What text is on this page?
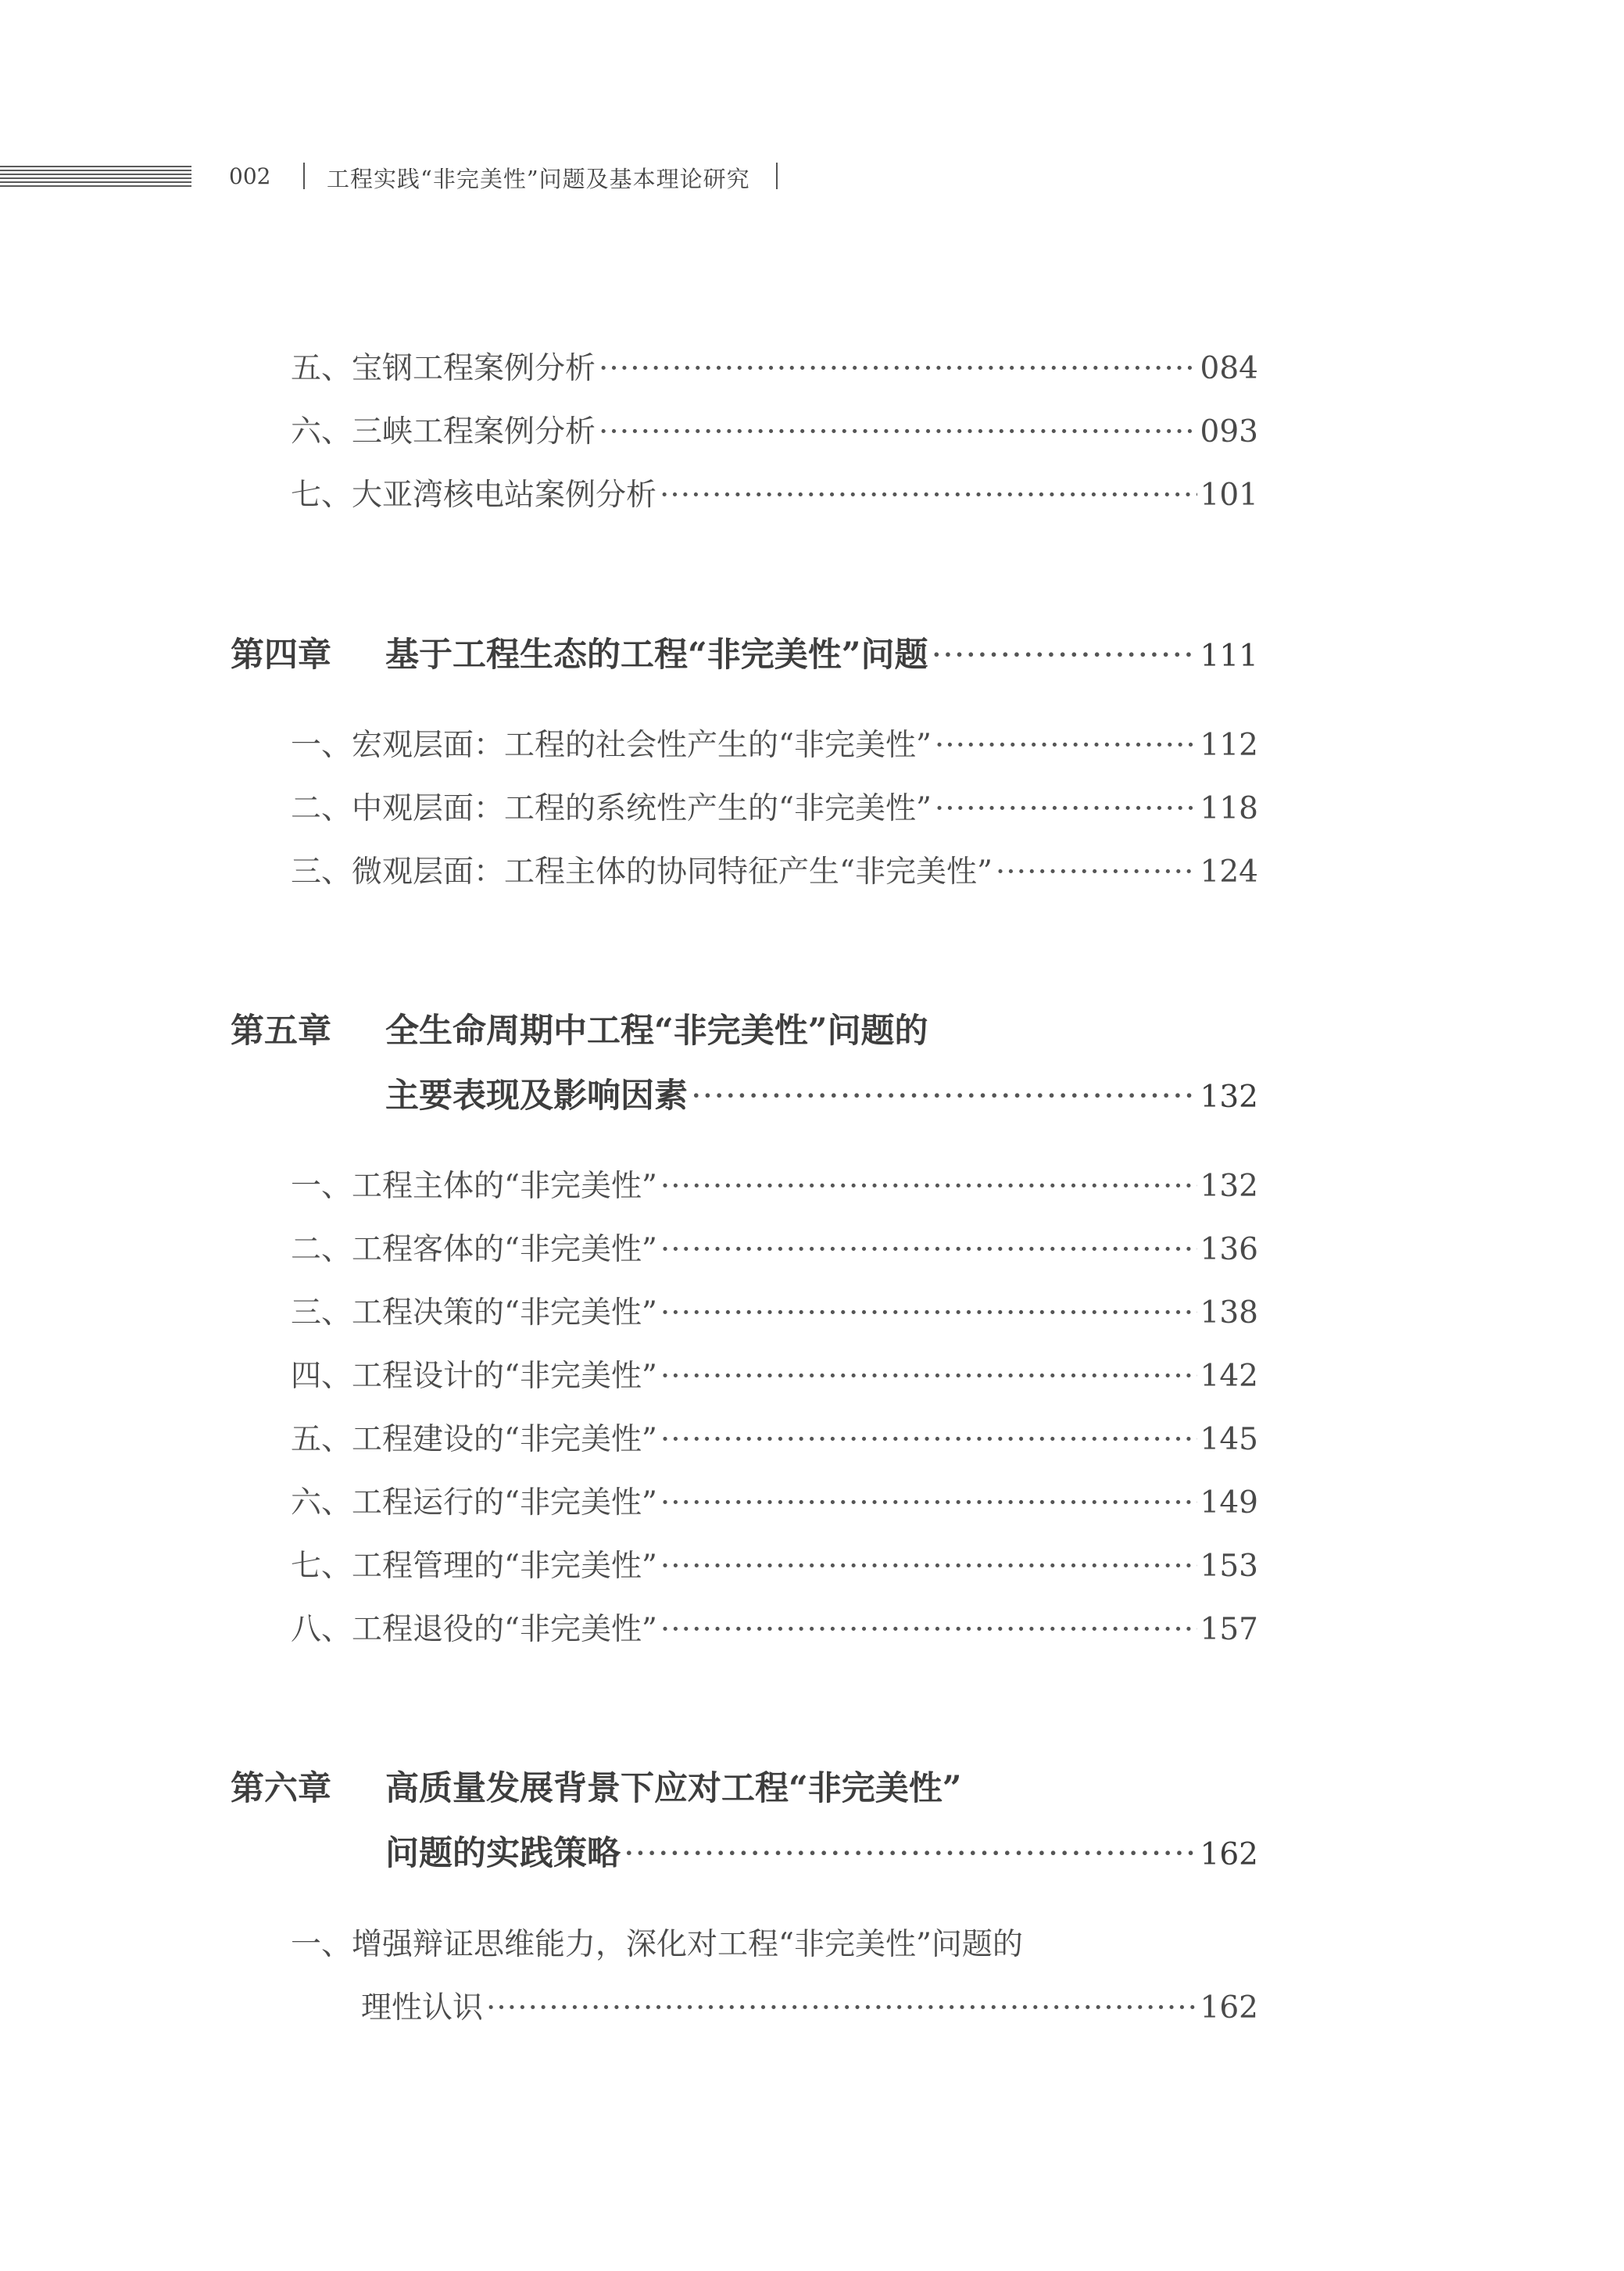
002 工程实践“非完美性”问题及基本理论研究
五、宝钢工程案例分析 ·····	084
六、三峡工程案例分析 ·····	093
七、大亚湾核电站案例分析 ·····	101
第四章 基于工程生态的工程“非完美性”问题 ·····	111
一、宏观层面：工程的社会性产生的“非完美性” ·····	112
二、中观层面：工程的系统性产生的“非完美性” ·····	118
三、微观层面：工程主体的协同特征产生“非完美性” ·····	124
第五章 全生命周期中工程“非完美性”问题的
主要表现及影响因素 ·····	132
一、工程主体的“非完美性” ·····	132
二、工程客体的“非完美性” ·····	136
三、工程决策的“非完美性” ·····	138
四、工程设计的“非完美性” ·····	142
五、工程建设的“非完美性” ·····	145
六、工程运行的“非完美性” ·····	149
七、工程管理的“非完美性” ·····	153
八、工程退役的“非完美性” ·····	157
第六章 高质量发展背景下应对工程“非完美性”
问题的实践策略 ·····	162
一、增强辩证思维能力，深化对工程“非完美性”问题的
理性认识 ·····	162
